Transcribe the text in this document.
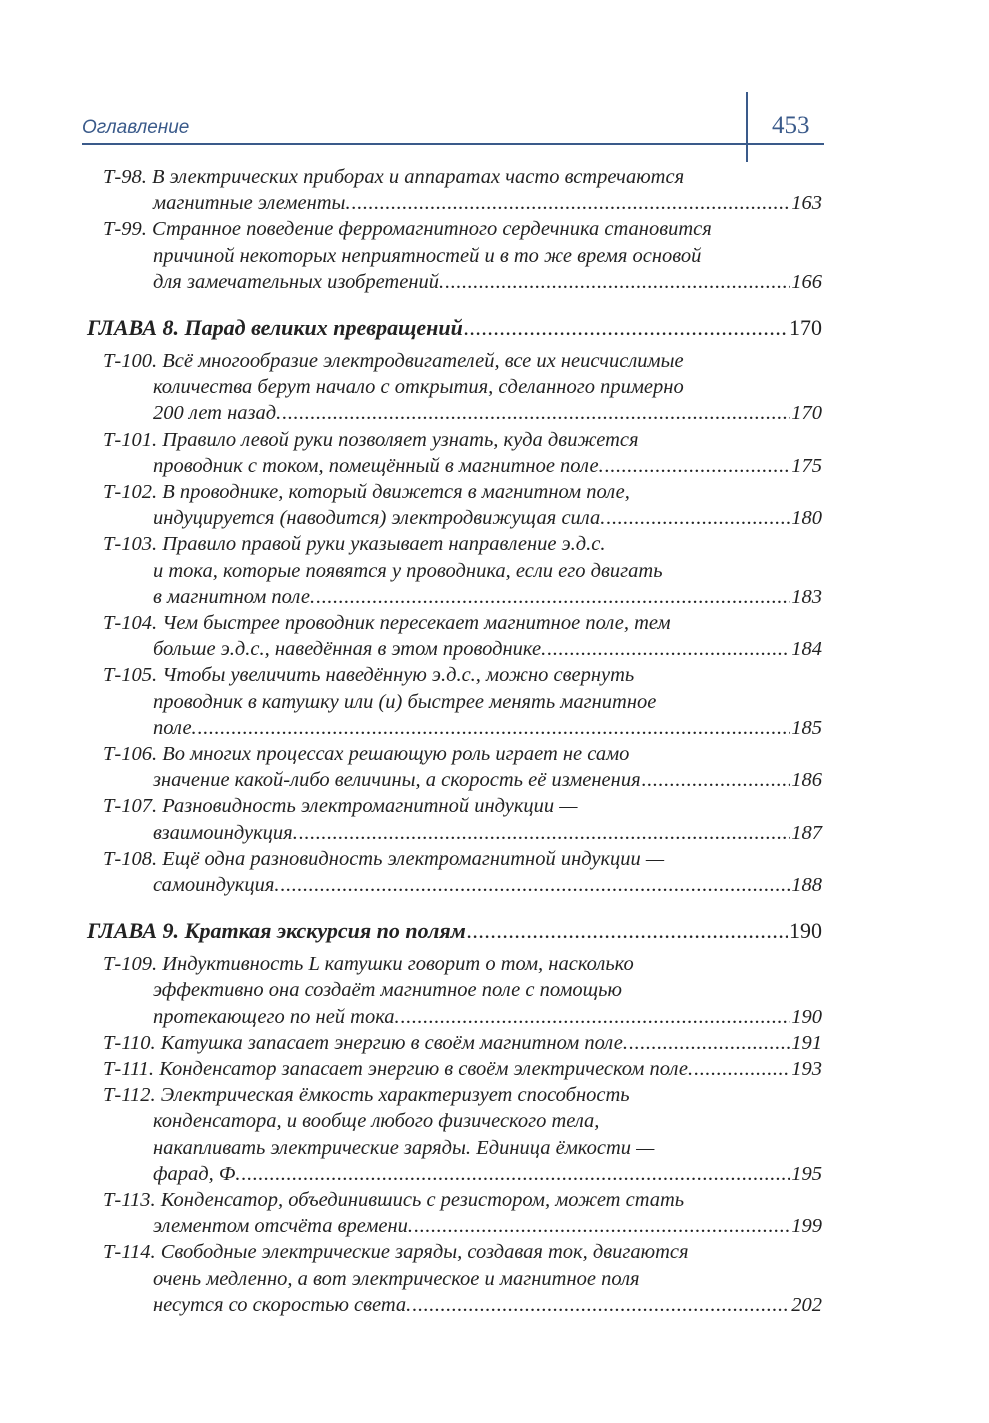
Оглавление	453
Т-98. В электрических приборах и аппаратах часто встречаются
магнитные элементы. .....	163
Т-99. Странное поведение ферромагнитного сердечника становится
причиной некоторых неприятностей и в то же время основой
для замечательных изобретений. .....	166
ГЛАВА 8. Парад великих превращений .....	170
Т-100. Всё многообразие электродвигателей, все их неисчислимые
количества берут начало с открытия, сделанного примерно
200 лет назад. .....	170
Т-101. Правило левой руки позволяет узнать, куда движется
проводник с током, помещённый в магнитное поле. .....	175
Т-102. В проводнике, который движется в магнитном поле,
индуцируется (наводится) электродвижущая сила. .....	180
Т-103. Правило правой руки указывает направление э.д.с.
и тока, которые появятся у проводника, если его двигать
в магнитном поле. .....	183
Т-104. Чем быстрее проводник пересекает магнитное поле, тем
больше э.д.с., наведённая в этом проводнике. .....	184
Т-105. Чтобы увеличить наведённую э.д.с., можно свернуть
проводник в катушку или (и) быстрее менять магнитное
поле. .....	185
Т-106. Во многих процессах решающую роль играет не само
значение какой-либо величины, а скорость её изменения .....	186
Т-107. Разновидность электромагнитной индукции —
взаимоиндукция. .....	187
Т-108. Ещё одна разновидность электромагнитной индукции —
самоиндукция. .....	188
ГЛАВА 9. Краткая экскурсия по полям .....	190
Т-109. Индуктивность L катушки говорит о том, насколько
эффективно она создаёт магнитное поле с помощью
протекающего по ней тока. .....	190
Т-110. Катушка запасает энергию в своём магнитном поле. .....	191
Т-111. Конденсатор запасает энергию в своём электрическом поле. .....	193
Т-112. Электрическая ёмкость характеризует способность
конденсатора, и вообще любого физического тела,
накапливать электрические заряды. Единица ёмкости —
фарад, Ф. .....	195
Т-113. Конденсатор, объединившись с резистором, может стать
элементом отсчёта времени. .....	199
Т-114. Свободные электрические заряды, создавая ток, двигаются
очень медленно, а вот электрическое и магнитное поля
несутся со скоростью света. .....	202
